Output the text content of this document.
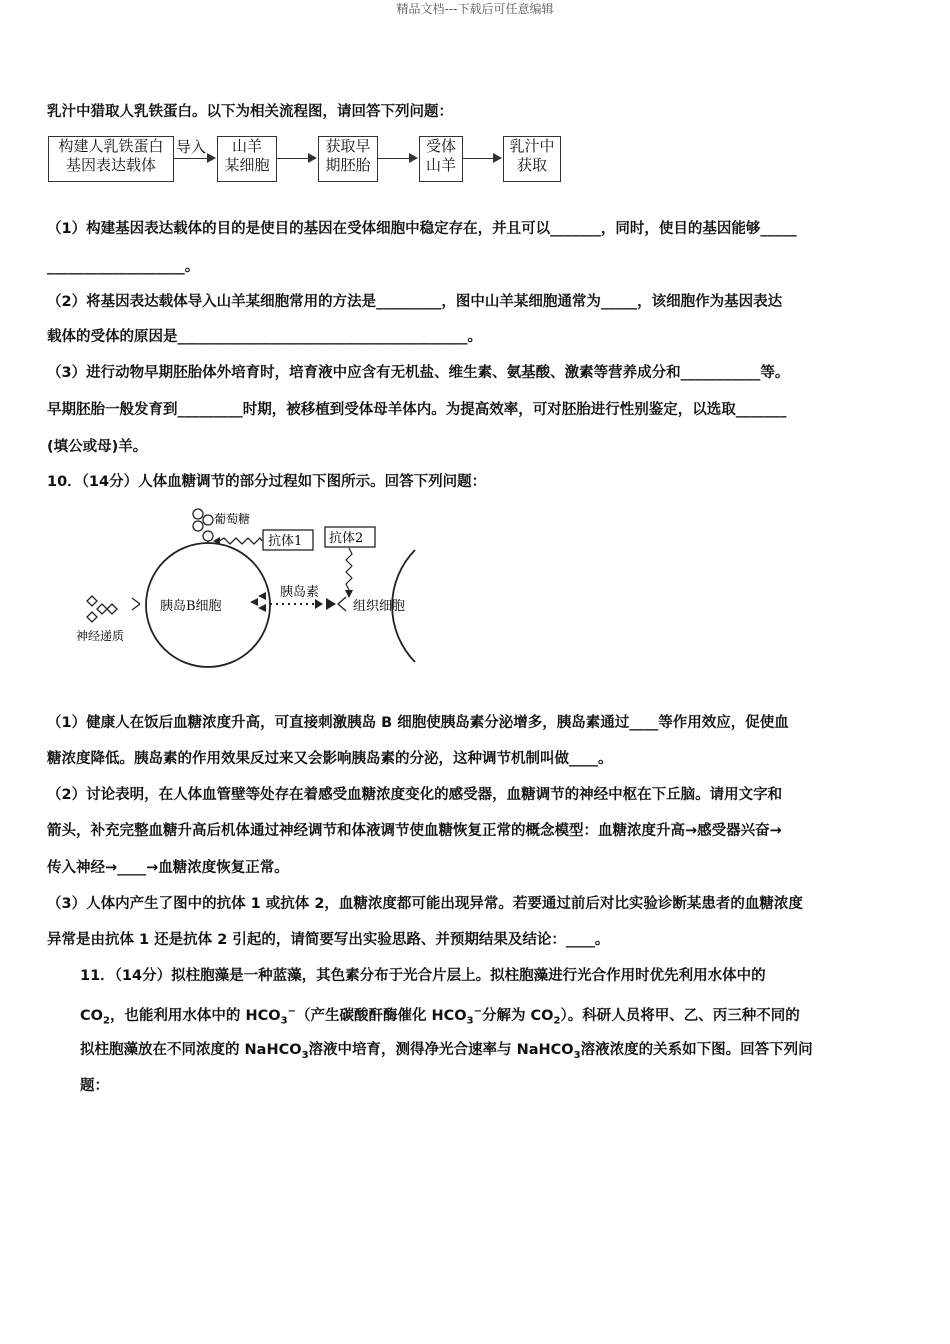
精品文档---下载后可任意编辑
乳汁中猎取人乳铁蛋白。以下为相关流程图，请回答下列问题：
构建人乳铁蛋白
基因表达载体
导入	山羊
某细胞
获取早
期胚胎
受体
山羊
乳汁中
获取
（1）构建基因表达载体的目的是使目的基因在受体细胞中稳定存在，并且可以_______，同时，使目的基因能够_____
___________________。
（2）将基因表达载体导入山羊某细胞常用的方法是_________，图中山羊某细胞通常为_____，该细胞作为基因表达
载体的受体的原因是________________________________________。
（3）进行动物早期胚胎体外培育时，培育液中应含有无机盐、维生素、氨基酸、激素等营养成分和___________等。
早期胚胎一般发育到_________时期，被移植到受体母羊体内。为提高效率，可对胚胎进行性别鉴定，以选取_______
(填公或母)羊。
10．（14分）人体血糖调节的部分过程如下图所示。回答下列问题：
葡萄糖
抗体1 抗体2
胰岛B细胞
神经递质
胰岛素
组织细胞
（1）健康人在饭后血糖浓度升高，可直接刺激胰岛 B 细胞使胰岛素分泌增多，胰岛素通过____等作用效应，促使血
糖浓度降低。胰岛素的作用效果反过来又会影响胰岛素的分泌，这种调节机制叫做____。
（2）讨论表明，在人体血管壁等处存在着感受血糖浓度变化的感受器，血糖调节的神经中枢在下丘脑。请用文字和
箭头，补充完整血糖升高后机体通过神经调节和体液调节使血糖恢复正常的概念模型：血糖浓度升高→感受器兴奋→
传入神经→____→血糖浓度恢复正常。
（3）人体内产生了图中的抗体 1 或抗体 2，血糖浓度都可能出现异常。若要通过前后对比实验诊断某患者的血糖浓度
异常是由抗体 1 还是抗体 2 引起的，请简要写出实验思路、并预期结果及结论：____。
11．（14分）拟柱胞藻是一种蓝藻，其色素分布于光合片层上。拟柱胞藻进行光合作用时优先利用水体中的
$CO_2$，也能利用水体中的 $HCO_3^-$（产生碳酸酐酶催化 $HCO_3^-$分解为 $CO_2$）。科研人员将甲、乙、丙三种不同的
拟柱胞藻放在不同浓度的 NaHCO$_3$溶液中培育，测得净光合速率与 NaHCO$_3$溶液浓度的关系如下图。回答下列问
题：
